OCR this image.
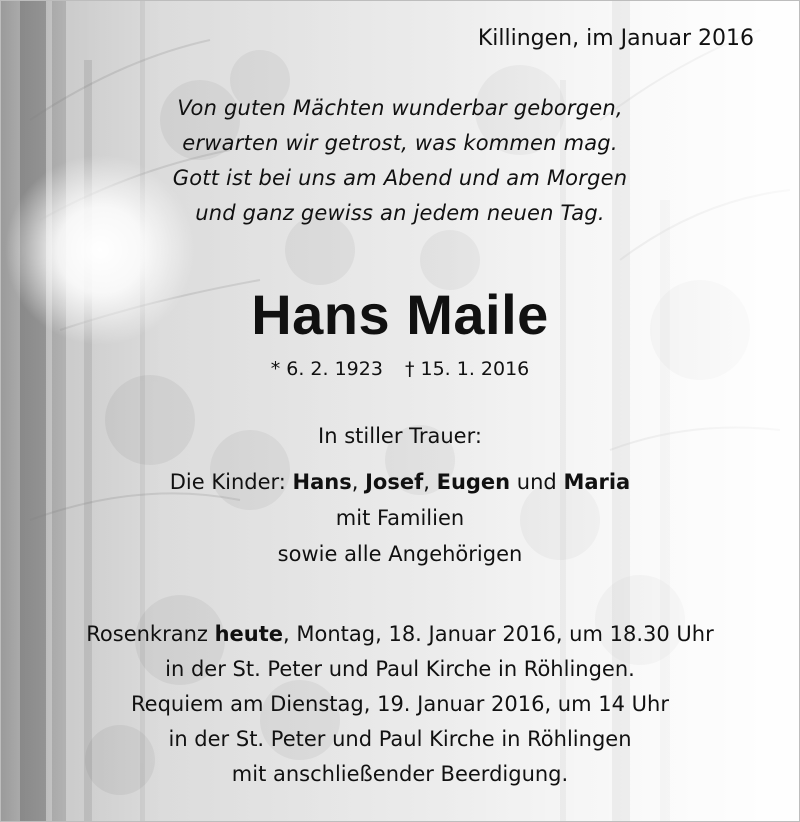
Killingen, im Januar 2016
Von guten Mächten wunderbar geborgen,
erwarten wir getrost, was kommen mag.
Gott ist bei uns am Abend und am Morgen
und ganz gewiss an jedem neuen Tag.
Hans Maile
* 6. 2. 1923 † 15. 1. 2016
In stiller Trauer:
Die Kinder: Hans, Josef, Eugen und Maria
mit Familien
sowie alle Angehörigen
Rosenkranz heute, Montag, 18. Januar 2016, um 18.30 Uhr
in der St. Peter und Paul Kirche in Röhlingen.
Requiem am Dienstag, 19. Januar 2016, um 14 Uhr
in der St. Peter und Paul Kirche in Röhlingen
mit anschließender Beerdigung.
